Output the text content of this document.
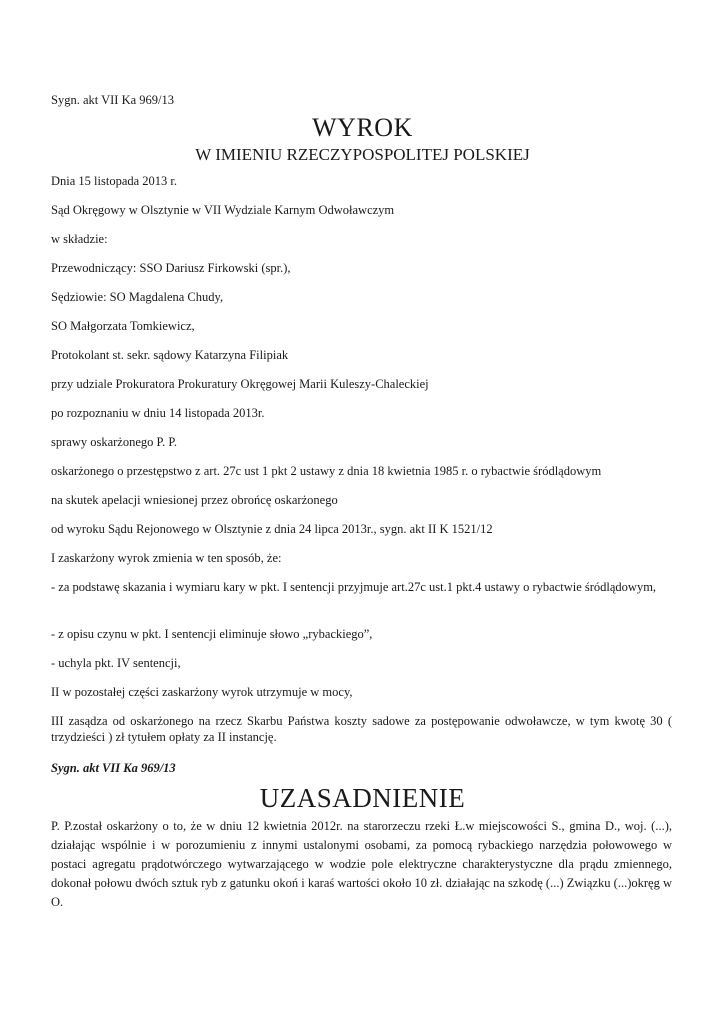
Sygn. akt VII Ka 969/13
WYROK
W IMIENIU RZECZYPOSPOLITEJ POLSKIEJ
Dnia 15 listopada 2013 r.
Sąd Okręgowy w Olsztynie w VII Wydziale Karnym Odwoławczym
w składzie:
Przewodniczący: SSO Dariusz Firkowski (spr.),
Sędziowie: SO Magdalena Chudy,
SO Małgorzata Tomkiewicz,
Protokolant st. sekr. sądowy Katarzyna Filipiak
przy udziale Prokuratora Prokuratury Okręgowej Marii Kuleszy-Chaleckiej
po rozpoznaniu w dniu 14 listopada 2013r.
sprawy oskarżonego P. P.
oskarżonego o przestępstwo z art. 27c ust 1 pkt 2 ustawy z dnia 18 kwietnia 1985 r. o rybactwie śródlądowym
na skutek apelacji wniesionej przez obrońcę oskarżonego
od wyroku Sądu Rejonowego w Olsztynie z dnia 24 lipca 2013r., sygn. akt II K 1521/12
I zaskarżony wyrok zmienia w ten sposób, że:
- za podstawę skazania i wymiaru kary w pkt. I sentencji przyjmuje art.27c ust.1 pkt.4 ustawy o rybactwie śródlądowym,
- z opisu czynu w pkt. I sentencji eliminuje słowo „rybackiego”,
- uchyla pkt. IV sentencji,
II w pozostałej części zaskarżony wyrok utrzymuje w mocy,
III zasądza od oskarżonego na rzecz Skarbu Państwa koszty sadowe za postępowanie odwoławcze, w tym kwotę 30 ( trzydzieści ) zł tytułem opłaty za II instancję.
Sygn. akt VII Ka 969/13
UZASADNIENIE
P. P.został oskarżony o to, że w dniu 12 kwietnia 2012r. na starorzeczu rzeki Ł.w miejscowości S., gmina D., woj. (...), działając wspólnie i w porozumieniu z innymi ustalonymi osobami, za pomocą rybackiego narzędzia połowowego w postaci agregatu prądotwórczego wytwarzającego w wodzie pole elektryczne charakterystyczne dla prądu zmiennego, dokonał połowu dwóch sztuk ryb z gatunku okoń i karaś wartości około 10 zł. działając na szkodę (...) Związku (...)okręg w O.
